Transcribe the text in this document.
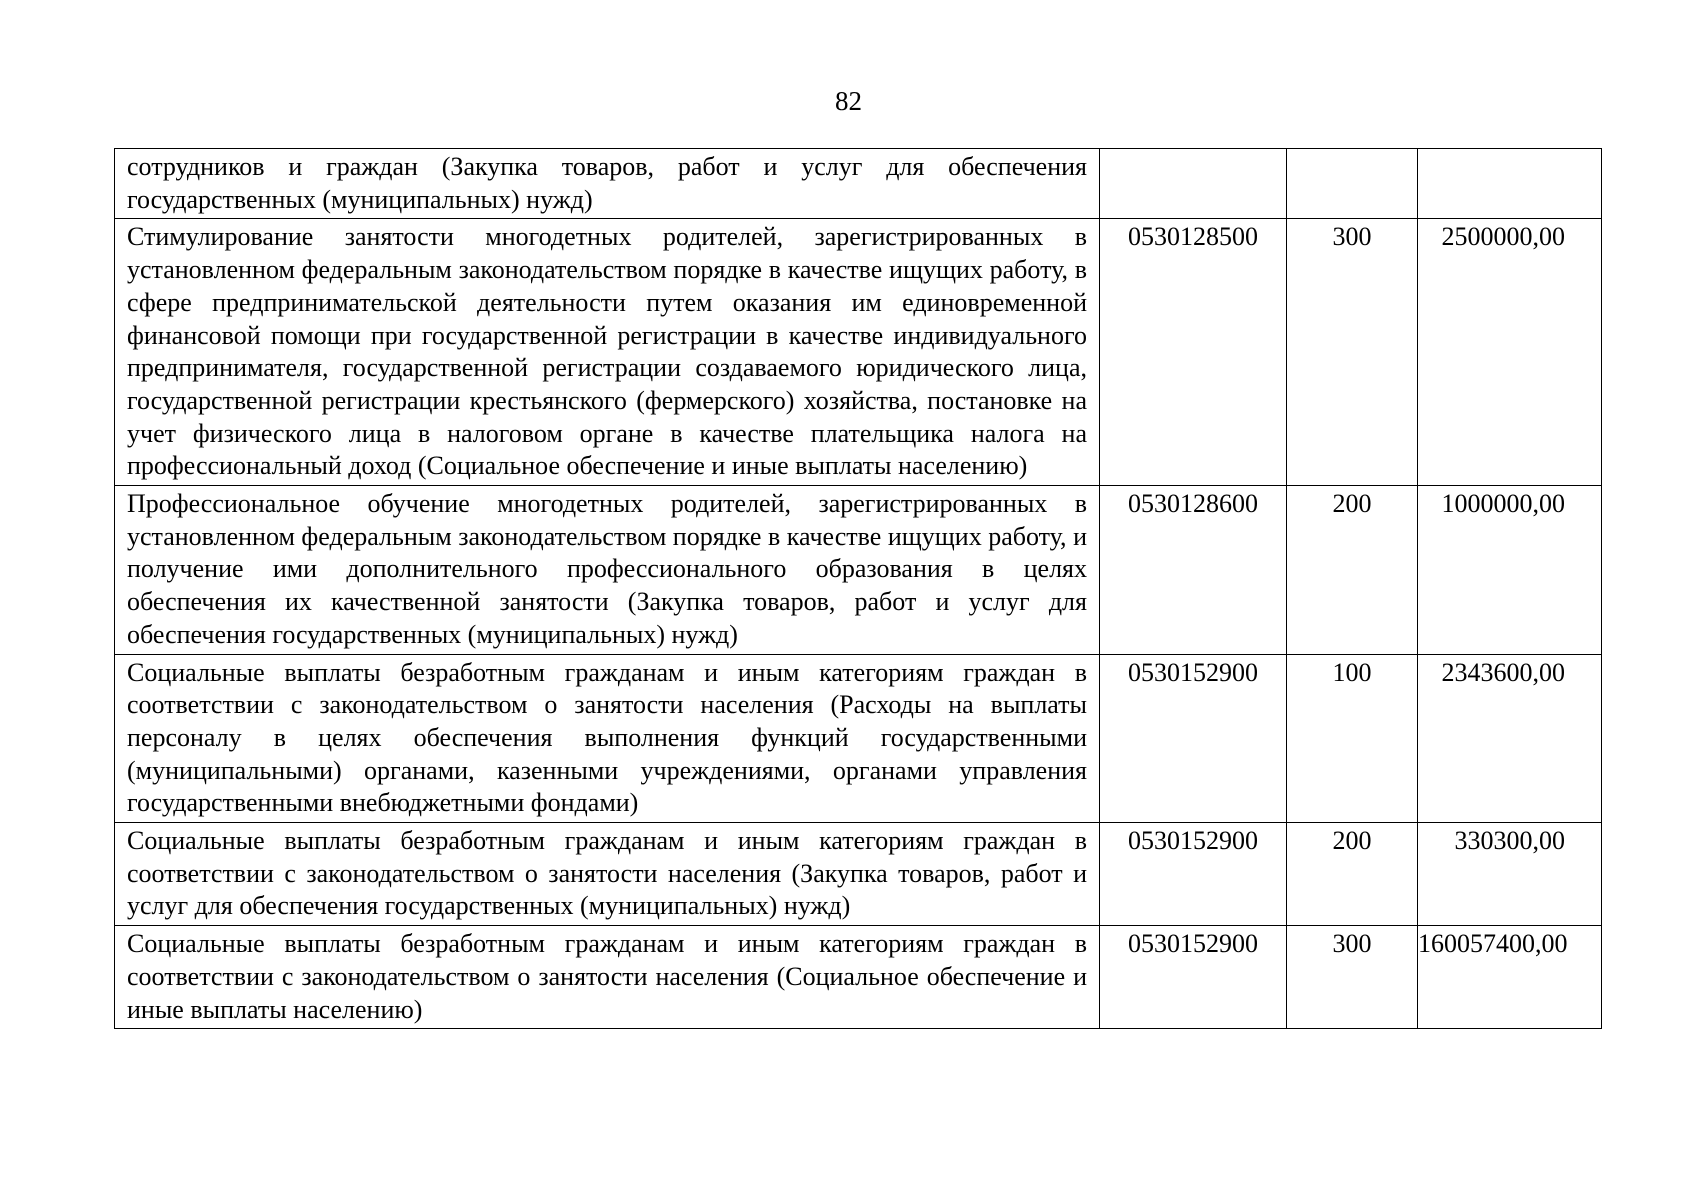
82
сотрудников и граждан (Закупка товаров, работ и услуг для обеспечения государственных (муниципальных) нужд)			
Стимулирование занятости многодетных родителей, зарегистрированных в установленном федеральным законодательством порядке в качестве ищущих работу, в сфере предпринимательской деятельности путем оказания им единовременной финансовой помощи при государственной регистрации в качестве индивидуального предпринимателя, государственной регистрации создаваемого юридического лица, государственной регистрации крестьянского (фермерского) хозяйства, постановке на учет физического лица в налоговом органе в качестве плательщика налога на профессиональный доход (Социальное обеспечение и иные выплаты населению)	0530128500	300	2500000,00
Профессиональное обучение многодетных родителей, зарегистрированных в установленном федеральным законодательством порядке в качестве ищущих работу, и получение ими дополнительного профессионального образования в целях обеспечения их качественной занятости (Закупка товаров, работ и услуг для обеспечения государственных (муниципальных) нужд)	0530128600	200	1000000,00
Социальные выплаты безработным гражданам и иным категориям граждан в соответствии с законодательством о занятости населения (Расходы на выплаты персоналу в целях обеспечения выполнения функций государственными (муниципальными) органами, казенными учреждениями, органами управления государственными внебюджетными фондами)	0530152900	100	2343600,00
Социальные выплаты безработным гражданам и иным категориям граждан в соответствии с законодательством о занятости населения (Закупка товаров, работ и услуг для обеспечения государственных (муниципальных) нужд)	0530152900	200	330300,00
Социальные выплаты безработным гражданам и иным категориям граждан в соответствии с законодательством о занятости населения (Социальное обеспечение и иные выплаты населению)	0530152900	300	160057400,00
